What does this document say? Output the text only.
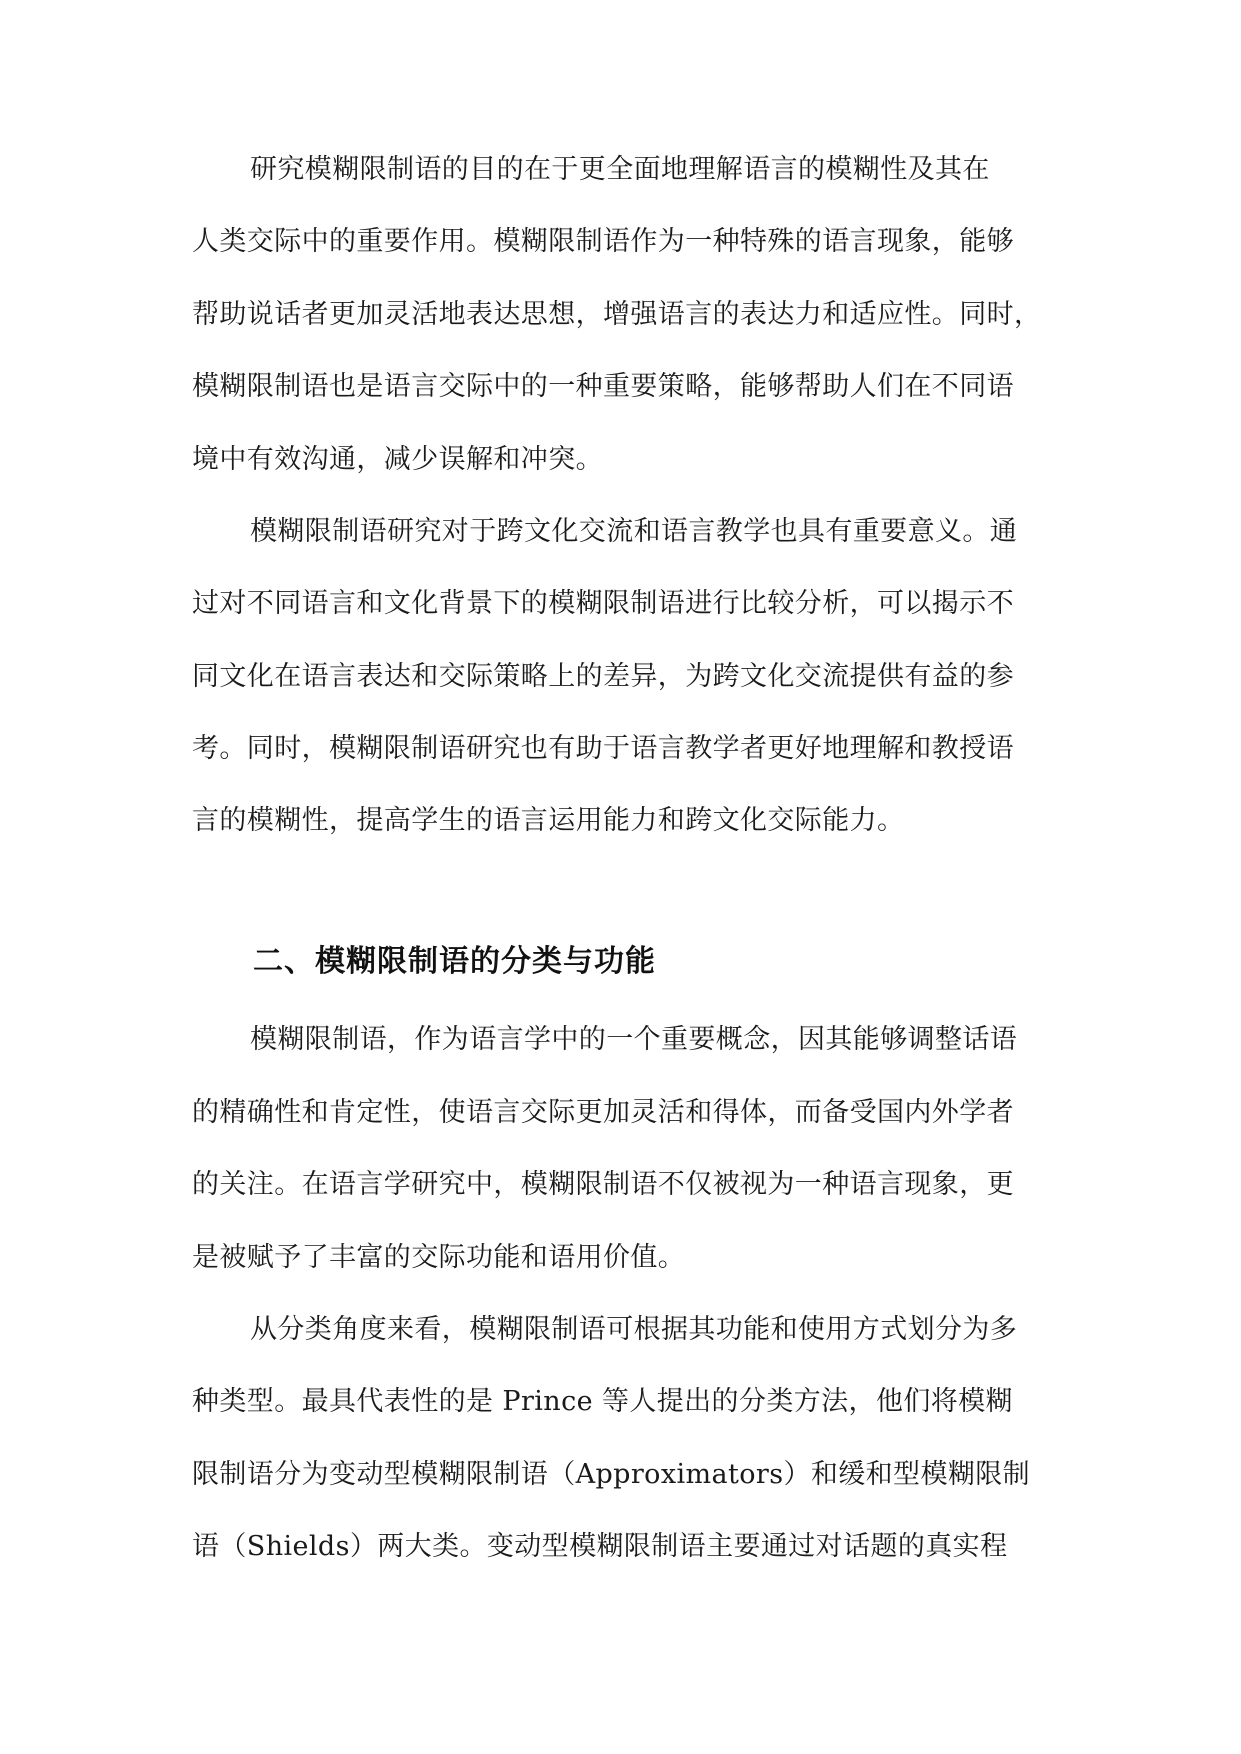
研究模糊限制语的目的在于更全面地理解语言的模糊性及其在
人类交际中的重要作用。模糊限制语作为一种特殊的语言现象，能够
帮助说话者更加灵活地表达思想，增强语言的表达力和适应性。同时，
模糊限制语也是语言交际中的一种重要策略，能够帮助人们在不同语
境中有效沟通，减少误解和冲突。
模糊限制语研究对于跨文化交流和语言教学也具有重要意义。通
过对不同语言和文化背景下的模糊限制语进行比较分析，可以揭示不
同文化在语言表达和交际策略上的差异，为跨文化交流提供有益的参
考。同时，模糊限制语研究也有助于语言教学者更好地理解和教授语
言的模糊性，提高学生的语言运用能力和跨文化交际能力。
二、模糊限制语的分类与功能
模糊限制语，作为语言学中的一个重要概念，因其能够调整话语
的精确性和肯定性，使语言交际更加灵活和得体，而备受国内外学者
的关注。在语言学研究中，模糊限制语不仅被视为一种语言现象，更
是被赋予了丰富的交际功能和语用价值。
从分类角度来看，模糊限制语可根据其功能和使用方式划分为多
种类型。最具代表性的是 Prince 等人提出的分类方法，他们将模糊
限制语分为变动型模糊限制语（Approximators）和缓和型模糊限制
语（Shields）两大类。变动型模糊限制语主要通过对话题的真实程
